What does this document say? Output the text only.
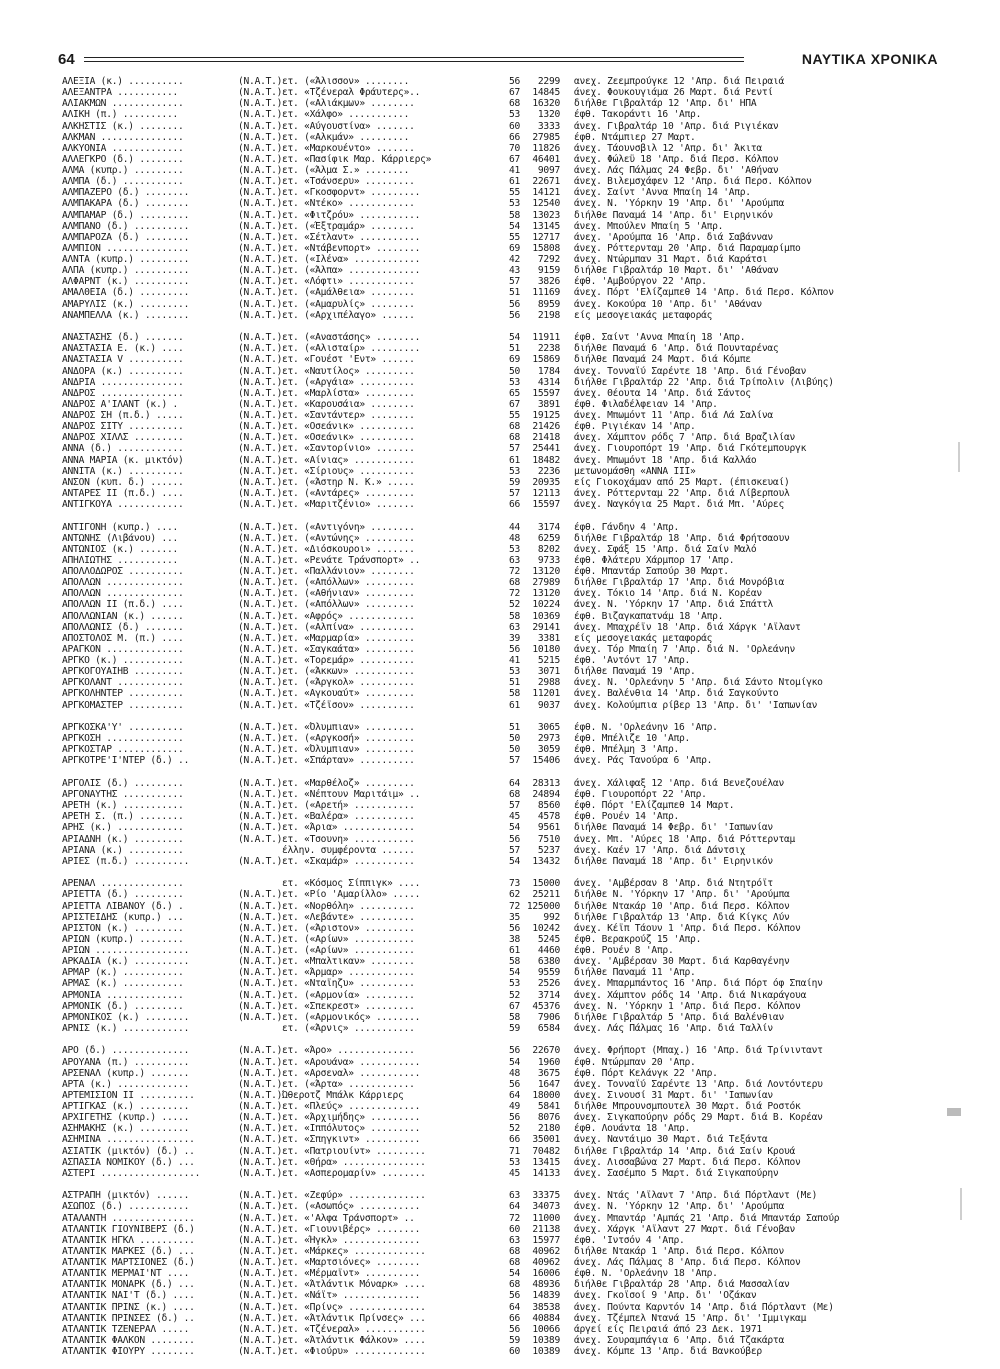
64	ΝΑΥΤΙΚΑ ΧΡΟΝΙΚΑ
ΑΛΕΞΙΑ (κ.) ..........	(N.A.T.) ετ. («Άλισσον» ........	56	2299 ανεχ. Ζεεμπρούγκε 12 'Απρ. διά Πειραιά
ΑΛΕΞΑΝΤΡΑ ...........	(N.A.T.) ετ. «Τζένεραλ Φράυτερς»..	67	14845 άνεχ. Φουκουγιάμα 26 Μαρτ. διά Ρεντί
ΑΛΙΑΚΜΩΝ .............	(N.A.T.) ετ. («Αλιάκμων» ........	68	16320 διήλθε Γιβραλτάρ 12 'Απρ. δι' ΗΠΑ
ΑΛΙΚΗ (π.) ..........	(N.A.T.) ετ. «Χάλφο» ...........	53	1320 έφθ. Τακοράντι 16 'Απρ.
ΑΛΚΗΣΤΙΣ (κ.) ........	(N.A.T.) ετ. «Αύγουστίνα» .......	60	3333 άνεχ. Γιβραλτάρ 10 'Απρ. διά Ριγιέκαν
ΑΛΚΜΑΝ ...............	(N.A.T.) ετ. («Αλκμάν» .........	66	27985 έφθ. Ντάμπιερ 27 Μαρτ.
ΑΛΚΥΟΝΙΑ .............	(N.A.T.) ετ. «Μαρκουέντο» .......	70	11826 άνεχ. Τάουνσβιλ 12 'Απρ. δι' Άκιτα
ΑΛΛΕΓΚΡΟ (δ.) ........	(N.A.T.) ετ. «Πασίφικ Μαρ. Κάρριερς»	67	46401 άνεχ. Φώλεϋ 18 'Απρ. διά Περσ. Κόλπον
ΑΛΜΑ (κυπρ.) .........	(N.A.T.) ετ. («Άλμα Σ.» ........	41	9097 άνεχ. Λάς Πάλμας 24 Φεβρ. δι' 'Αθήναν
ΑΛΜΠΑ (δ.) ...........	(N.A.T.) ετ. «Τσάνσερυ» .........	61	22671 άνεχ. Βιλεμσχάφεν 12 'Απρ. διά Περσ. Κόλπον
ΑΛΜΠΑΖΕΡΟ (δ.) ........	(N.A.T.) ετ. «Γκοσφορντ» .........	55	14121 άνεχ. Σαίντ 'Αννα Μπαίη 14 'Απρ.
ΑΛΜΠΑΚΑΡΑ (δ.) ........	(N.A.T.) ετ. «Ντέκο» ............	53	12540 άνεχ. Ν. 'Υόρκην 19 'Απρ. δι' 'Αρούμπα
ΑΛΜΠΑΜΑΡ (δ.) .........	(N.A.T.) ετ. «Φιτζρόυ» ...........	58	13023 διήλθε Παναμά 14 'Απρ. δι' Ειρηνικόν
ΑΛΜΠΑΝΟ (δ.) ..........	(N.A.T.) ετ. («Έξτραμάρ» ........	54	13145 άνεχ. Μπούλεν Μπαίη 5 'Απρ.
ΑΛΜΠΑΡΟΖΑ (δ.) ........	(N.A.T.) ετ. «Σέτλαντ» ...........	55	12717 άνεχ. 'Αρούμπα 16 'Απρ. διά Σαβάνναν
ΑΛΜΠΙΟΝ ...............	(N.A.T.) ετ. «Ντάβενπορτ» ........	69	15808 άνεχ. Ρόττερνταμ 20 'Απρ. διά Παραμαρίμπο
ΑΛΝΤΑ (κυπρ.) .........	(N.A.T.) ετ. («Ιλένα» ............	42	7292 άνεχ. Ντώρμπαν 31 Μαρτ. διά Καράτσι
ΑΛΠΑ (κυπρ.) ..........	(N.A.T.) ετ. («Άλπα» .............	43	9159 διήλθε Γιβραλτάρ 10 Μαρτ. δι' 'Αθάναν
ΑΛΦΑΡΝΤ (κ.) ..........	(N.A.T.) ετ. «Λόφτι» ............	57	3826 έφθ. 'Αμβούργον 22 'Απρ.
ΑΜΑΛΘΕΙΑ (δ.) .........	(N.A.T.) ετ. («Αμάλθεια» ........	51	11169 άνεχ. Πόρτ 'Ελίζαμπεθ 14 'Απρ. διά Περσ. Κόλπον
ΑΜΑΡΥΛΙΣ (κ.) .........	(N.A.T.) ετ. («Αμαρυλίς» ........	56	8959 άνεχ. Κοκούρα 10 'Απρ. δι' 'Αθάναν
ΑΝΑΜΠΕΛΛΑ (κ.) ........	(N.A.T.) ετ. («Αρχιπέλαγο» ......	56	2198 είς μεσογειακάς μεταφοράς
ΑΝΑΣΤΑΣΗΣ (δ.) .......	(N.A.T.) ετ. («Αναστάσης» ........	54	11911 έφθ. Σαίντ 'Αννα Μπαίη 18 'Απρ.
ΑΝΑΣΤΑΣΙΑ Ε. (κ.) ....	(N.A.T.) ετ. («Αλισταίρ» .........	51	2238 διήλθε Παναμά 6 'Απρ. διά Πουνταρένας
ΑΝΑΣΤΑΣΙΑ V ..........	(N.A.T.) ετ. «Γουέστ 'Εντ» ......	69	15869 διήλθε Παναμά 24 Μαρτ. διά Κόμπε
ΑΝΔΟΡΑ (κ.) ..........	(N.A.T.) ετ. «Ναυτίλος» .........	50	1784 άνεχ. Τονναϊύ Σαρέντε 18 'Απρ. διά Γένοβαν
ΑΝΔΡΙΑ ...............	(N.A.T.) ετ. («Αργάια» ..........	53	4314 διήλθε Γιβραλτάρ 22 'Απρ. διά Τρίπολιν (Λιβύης)
ΑΝΔΡΟΣ ...............	(N.A.T.) ετ. «Μαρλίστα» .........	65	15597 άνεχ. Θέουτα 14 'Απρ. διά Σάντος
ΑΝΔΡΟΣ Α'ΪΛΑΝΤ (κ.) .	(N.A.T.) ετ. «Καρουσάια» ........	67	3891 έφθ. Φιλαδέλφειαν 14 'Απρ.
ΑΝΔΡΟΣ ΣΗ (π.δ.) .....	(N.A.T.) ετ. «Σαντάντερ» ........	55	19125 άνεχ. Μπωμόντ 11 'Απρ. διά Λά Σαλίνα
ΑΝΔΡΟΣ ΣΙΤΥ ..........	(N.A.T.) ετ. «Οσεάνικ» ..........	68	21426 έφθ. Ριγιέκαν 14 'Απρ.
ΑΝΔΡΟΣ ΧΙΛΛΣ .........	(N.A.T.) ετ. «Οσεάνικ» ..........	68	21418 άνεχ. Χάμπτον ρόδς 7 'Απρ. διά Βραζιλίαν
ΑΝΝΑ (δ.) ............	(N.A.T.) ετ. «Σαντορίνιο» .......	57	25441 άνεχ. Γιουροπόρτ 19 'Απρ. διά Γκότεμπουργκ
ΑΝΝΑ ΜΑΡΙΑ (κ. μικτόν)	(N.A.T.) ετ. «Αίνιας» ...........	61	18482 άνεχ. Μπωμόντ 18 'Απρ. διά Καλλάο
ΑΝΝΙΤΑ (κ.) ..........	(N.A.T.) ετ. «Σίριους» ..........	53	2236 μετωνομάσθη «ΑΝΝΑ III»
ΑΝΣΟΝ (κυπ. δ.) ......	(N.A.T.) ετ. («Άστηρ Ν. Κ.» .....	59	20935 είς Γιοκοχάμαν από 25 Μαρτ. (έπισκευαί)
ΑΝΤΑΡΕΣ ΙΙ (π.δ.) ....	(N.A.T.) ετ. («Αντάρες» .........	57	12113 άνεχ. Ρόττερνταμ 22 'Απρ. διά Λίβερπουλ
ΑΝΤΙΓΚΟΥΑ ............	(N.A.T.) ετ. «Μαριτζένιο» .......	66	15597 άνεχ. Ναγκόγια 25 Μαρτ. διά Μπ. 'Αύρες
ΑΝΤΙΓΟΝΗ (κυπρ.) ....	(N.A.T.) ετ. («Αντιγόνη» ........	44	3174 έφθ. Γάνδην 4 'Απρ.
ΑΝΤΩΝΗΣ (Λιβάνου) ...	(N.A.T.) ετ. («Αντώνης» .........	48	6259 διήλθε Γιβραλτάρ 18 'Απρ. διά Φρήτσαουν
ΑΝΤΩΝΙΟΣ (κ.) .......	(N.A.T.) ετ. «Διόσκουροι» .......	53	8202 άνεχ. Σφάξ 15 'Απρ. διά Σαίν Μαλό
ΑΠΗΛΙΩΤΗΣ ...........	(N.A.T.) ετ. «Ρενάτε Τράνσπορτ» ..	63	9733 έφθ. Φλάτερυ Χάρμπορ 17 'Απρ.
ΑΠΟΛΛΟΔΩΡΟΣ ..........	(N.A.T.) ετ. «Παλλάνιον» ........	72	13120 έφθ. Μπαντάρ Σαπούρ 30 Μαρτ.
ΑΠΟΛΛΩΝ ..............	(N.A.T.) ετ. («Απόλλων» .........	68	27989 διήλθε Γιβραλτάρ 17 'Απρ. διά Μονρόβια
ΑΠΟΛΛΩΝ ..............	(N.A.T.) ετ. («Αθήνιαν» .........	72	13120 άνεχ. Τόκιο 14 'Απρ. διά Ν. Κορέαν
ΑΠΟΛΛΩΝ ΙΙ (π.δ.) ....	(N.A.T.) ετ. («Απόλλων» .........	52	10224 άνεχ. Ν. 'Υόρκην 17 'Απρ. διά Σπάττλ
ΑΠΟΛΛΩΝΙΑΝ (κ.) ......	(N.A.T.) ετ. «Αφρός» ............	58	10369 έφθ. Βιζαγκαπατνάμ 18 'Απρ.
ΑΠΟΛΛΩΝΙΣ (δ.) .......	(N.A.T.) ετ. («Αλπίνα» ..........	63	29141 άνεχ. Μπαχρέϊν 18 'Απρ. διά Χάργκ 'Αϊλαντ
ΑΠΟΣΤΟΛΟΣ Μ. (π.) ....	(N.A.T.) ετ. «Μαρμαρία» .........	39	3381 είς μεσογειακάς μεταφοράς
ΑΡΑΓΚΟΝ ..............	(N.A.T.) ετ. «Σαγκαάτα» .........	56	10180 άνεχ. Τόρ Μπαίη 7 'Απρ. διά Ν. 'Ορλεάνην
ΑΡΓΚΟ (κ.) ...........	(N.A.T.) ετ. «Τορεμάρ» ..........	41	5215 έφθ. 'Αντόντ 17 'Απρ.
ΑΡΓΚΟΓΟΥΑΪΗΒ .........	(N.A.T.) ετ. («Άκκων» ...........	53	3071 διήλθε Παναμά 19 'Απρ.
ΑΡΓΚΟΛΑΝΤ ............	(N.A.T.) ετ. («Άργκολ» ..........	51	2988 άνεχ. Ν. 'Ορλεάνην 5 'Απρ. διά Σάντο Ντομίγκο
ΑΡΓΚΟΛΗΝΤΕΡ ..........	(N.A.T.) ετ. «Αγκουαύτ» .........	58	11201 άνεχ. Βαλένθια 14 'Απρ. διά Σαγκούντο
ΑΡΓΚΟΜΑΣΤΕΡ ..........	(N.A.T.) ετ. «Τζέϊσον» ..........	61	9037 άνεχ. Κολούμπια ρίβερ 13 'Απρ. δι' 'Ιαπωνίαν
ΑΡΓΚΟΣΚΑ'Υ' ..........	(N.A.T.) ετ. «Όλυμπιαν» .........	51	3065 έφθ. Ν. 'Ορλεάνην 16 'Απρ.
ΑΡΓΚΟΣΗ ..............	(N.A.T.) ετ. («Αργκοσή» .........	50	2973 έφθ. Μπέλιζε 10 'Απρ.
ΑΡΓΚΟΣΤΑΡ ............	(N.A.T.) ετ. «Όλυμπιαν» .........	50	3059 έφθ. Μπέλμη 3 'Απρ.
ΑΡΓΚΟΤΡΕ'Ι'ΝΤΕΡ (δ.) ..	(N.A.T.) ετ. «Σπάρταν» ..........	57	15406 άνεχ. Ράς Τανούρα 6 'Απρ.
ΑΡΓΟΛΙΣ (δ.) .........	(N.A.T.) ετ. «Μαρθέλοζ» .........	64	28313 άνεχ. Χάλιφαξ 12 'Απρ. διά Βενεζουέλαν
ΑΡΓΟΝΑΥΤΗΣ ...........	(N.A.T.) ετ. «Νέπτουν Μαριτάιμ» ..	68	24894 έφθ. Γιουροπόρτ 22 'Απρ.
ΑΡΕΤΗ (κ.) ...........	(N.A.T.) ετ. («Αρετή» ...........	57	8560 έφθ. Πόρτ 'Ελίζαμπεθ 14 Μαρτ.
ΑΡΕΤΗ Σ. (π.) ........	(N.A.T.) ετ. «Βαλέρα» ...........	45	4578 έφθ. Ρουέν 14 'Απρ.
ΑΡΗΣ (κ.) ............	(N.A.T.) ετ. «Άρια» .............	54	9561 διήλθε Παναμά 14 Φεβρ. δι' 'Ιαπωνίαν
ΑΡΙΑΔΝΗ (κ.) .........	(N.A.T.) ετ. «Τσουνη» ...........	56	7510 άνεχ. Μπ. 'Αύρες 18 'Απρ. διά Ρόττερνταμ
ΑΡΙΑΝΑ (κ.) ..........	έλλην. συμφέροντα ......	57	5237 άνεχ. Καέν 17 'Απρ. διά Δάντσιχ
ΑΡΙΕΣ (π.δ.) ..........	(N.A.T.) ετ. «Σκαμάρ» ...........	54	13432 διήλθε Παναμά 18 'Απρ. δι' Ειρηνικόν
ΑΡΕΝΑΛ ...............	ετ. «Κόσμος Σίππιγκ» ....	73	15000 άνεχ. 'Αμβέρσαν 8 'Απρ. διά Ντητρόϊτ
ΑΡΙΕΤΤΑ (δ.) .........	(N.A.T.) ετ. «Ρίο 'Αμαρίλλο» .....	62	25211 διήλθε Ν. 'Υόρκην 17 'Απρ. δι' 'Αρούμπα
ΑΡΙΕΤΤΑ ΛΙΒΑΝΟΥ (δ.) .	(N.A.T.) ετ. «Νορθόλη» ..........	72 125000 διήλθε Ντακάρ 10 'Απρ. διά Περσ. Κόλπον
ΑΡΙΣΤΕΙΔΗΣ (κυπρ.) ...	(N.A.T.) ετ. «Λεβάντε» ..........	35	992 διήλθε Γιβραλτάρ 13 'Απρ. διά Κίγκς Λύν
ΑΡΙΣΤΟΝ (κ.) .........	(N.A.T.) ετ. («Άριστον» .........	56	10242 άνεχ. Κέϊπ Τάουν 1 'Απρ. διά Περσ. Κόλπον
ΑΡΙΩΝ (κυπρ.) ........	(N.A.T.) ετ. («Αρίων» ...........	38	5245 έφθ. Βερακρούζ 15 'Απρ.
ΑΡΙΩΝ .................	(N.A.T.) ετ. («Αρίων» ...........	61	4460 έφθ. Ρουέν 8 'Απρ.
ΑΡΚΑΔΙΑ (κ.) ..........	(N.A.T.) ετ. «Μπαλτικαν» ........	58	6380 άνεχ. 'Αμβέρσαν 30 Μαρτ. διά Καρθαγένην
ΑΡΜΑΡ (κ.) ...........	(N.A.T.) ετ. «Άρμαρ» ............	54	9559 διήλθε Παναμά 11 'Απρ.
ΑΡΜΑΣ (κ.) ...........	(N.A.T.) ετ. «Νταϊηζυ» ..........	53	2526 άνεχ. Μπαρμπάντος 16 'Απρ. διά Πόρτ όφ Σπαίην
ΑΡΜΟΝΙΑ ..............	(N.A.T.) ετ. («Αρμονία» .........	52	3714 άνεχ. Χάμπτον ρόδς 14 'Απρ. διά Νικαράγουα
ΑΡΜΟΝΙΚ (δ.) .........	(N.A.T.) ετ. «Σπεκρεστ» .........	67	45376 άνεχ. Ν. 'Υόρκην 1 'Απρ. διά Περσ. Κόλπον
ΑΡΜΟΝΙΚΟΣ (κ.) ........	(N.A.T.) ετ. («Αρμονικός» ........	58	7906 διήλθε Γιβραλτάρ 5 'Απρ. διά Βαλένθιαν
ΑΡΝΙΣ (κ.) ............	ετ. («Άρνις» ...........	59	6584 άνεχ. Λάς Πάλμας 16 'Απρ. διά Ταλλίν
ΑΡΟ (δ.) ..............	(N.A.T.) ετ. «Άρο» ..............	56	22670 άνεχ. Φρήπορτ (Μπαχ.) 16 'Απρ. διά Τρίνινταντ
ΑΡΟΥΑΝΑ (π.) ..........	(N.A.T.) ετ. «Αρουάνα» ...........	54	1960 έφθ. Ντώρμπαν 20 'Απρ.
ΑΡΣΕΝΑΛ (κυπρ.) .......	(N.A.T.) ετ. «Αρσεναλ» ...........	48	3675 έφθ. Πόρτ Κελάνγκ 22 'Απρ.
ΑΡΤΑ (κ.) .............	(N.A.T.) ετ. («Άρτα» ............	56	1647 άνεχ. Τονναϊύ Σαρέντε 13 'Απρ. διά Λοντόντερυ
ΑΡΤΕΜΙΣΙΟΝ ΙΙ ..........	(N.A.T.) Ώθεροτζ Μπάλκ Κάρριερς	64	18000 άνεχ. Σινουσί 31 Μαρτ. δι' 'Ιαπωνίαν
ΑΡΤΙΓΚΑΣ (κ.) .........	(N.A.T.) ετ. «Πλεύς» .............	49	5841 διήλθε Μπρουνσμπουτελ 30 Μαρτ. διά Ροστόκ
ΑΡΧΙΓΕΤΗΣ (κυπρ.) .....	(N.A.T.) ετ. «Άρχιμήδης» .........	56	8076 άνεχ. Σιγκαπούρην ρόδς 29 Μαρτ. διά Β. Κορέαν
ΑΣΗΜΑΚΗΣ (κ.) .........	(N.A.T.) ετ. «Ιππόλυτος» .........	52	2180 έφθ. Λουάντα 18 'Απρ.
ΑΣΗΜΙΝΑ ................	(N.A.T.) ετ. «Σπηγκιντ» ..........	66	35001 άνεχ. Ναντάιμο 30 Μαρτ. διά Τεξάντα
ΑΣΙΑΤΙΚ (μικτόν) (δ.) ..	(N.A.T.) ετ. «Πατριουίντ» .........	71	70482 διήλθε Γιβραλτάρ 14 'Απρ. διά Σαίν Κρουά
ΑΣΠΑΣΙΑ ΝΟΜΙΚΟΥ (δ.) ...	(N.A.T.) ετ. «Θήρα» ...............	53	13415 άνεχ. Λισσαβώνα 27 Μαρτ. διά Περσ. Κόλπον
ΑΣΤΕΡΙ ..................	(N.A.T.) ετ. «Ασπερομαρίν» ........	45	14133 άνεχ. Σασέμπο 5 Μαρτ. διά Σιγκαπούρην
ΑΣΤΡΑΠΗ (μικτόν) ......	(N.A.T.) ετ. «Ζεφύρ» ..............	63	33375 άνεχ. Ντάς 'Αϊλαντ 7 'Απρ. διά Πόρτλαντ (Με)
ΑΣΩΠΟΣ (δ.) ...........	(N.A.T.) ετ. («Ασωπός» ...........	64	34073 άνεχ. Ν. 'Υόρκην 12 'Απρ. δι' 'Αρούμπα
ΑΤΑΛΑΝΤΗ ...............	(N.A.T.) ετ. «'Αλφα Τράνσπορτ» ..	72	11000 άνεχ. Μπαντάρ 'Αμπάς 21 'Απρ. διά Μπαντάρ Σαπούρ
ΑΤΛΑΝΤΙΚ ΓΙΟΥΝΙΒΕΡΣ (δ.)	(N.A.T.) ετ. «Γιουνιβέρς» ........	60	21138 άνεχ. Χάργκ 'Αϊλαντ 27 Μαρτ. διά Γένοβαν
ΑΤΛΑΝΤΙΚ ΗΓΚΛ ..........	(N.A.T.) ετ. «Ήγκλ» ..............	63	15977 έφθ. 'Ιντσόν 4 'Απρ.
ΑΤΛΑΝΤΙΚ ΜΑΡΚΕΣ (δ.) ...	(N.A.T.) ετ. «Μάρκες» .............	68	40962 διήλθε Ντακάρ 1 'Απρ. διά Περσ. Κόλπον
ΑΤΛΑΝΤΙΚ ΜΑΡΤΣΙΟΝΕΣ (δ.)	(N.A.T.) ετ. «Μαρτσιόνες» ........	68	40962 άνεχ. Λάς Πάλμας 8 'Απρ. διά Περσ. Κόλπον
ΑΤΛΑΝΤΙΚ ΜΕΡΜΑΪ'ΝΤ ....	(N.A.T.) ετ. «Μέρμαϊντ» ..........	54	16006 έφθ. Ν. 'Ορλεάνην 18 'Απρ.
ΑΤΛΑΝΤΙΚ ΜΟΝΑΡΚ (δ.) ...	(N.A.T.) ετ. «Άτλάντικ Μόναρκ» ....	68	48936 διήλθε Γιβραλτάρ 28 'Απρ. διά Μασσαλίαν
ΑΤΛΑΝΤΙΚ ΝΑΪ'Τ (δ.) ....	(N.A.T.) ετ. «Νάϊτ» ..............	56	14839 άνεχ. Γκοϊσοί 9 'Απρ. δι' 'Οζάκαν
ΑΤΛΑΝΤΙΚ ΠΡΙΝΣ (κ.) ....	(N.A.T.) ετ. «Πρίνς» ..............	64	38538 άνεχ. Πούντα Καρντόν 14 'Απρ. διά Πόρτλαντ (Με)
ΑΤΛΑΝΤΙΚ ΠΡΙΝΣΕΣ (δ.) ..	(N.A.T.) ετ. «Άτλάντικ Πρίνσες» ...	66	40884 άνεχ. Τζέμπελ Ντανά 15 'Απρ. δι' 'Ιμμιγκαμ
ΑΤΛΑΝΤΙΚ ΤΖΕΝΕΡΑΛ .....	(N.A.T.) ετ. «Τζένεραλ» ...........	56	10066 άργεί είς Πειραιά άπό 23 Δεκ. 1971
ΑΤΛΑΝΤΙΚ ΦΑΛΚΟΝ ........	(N.A.T.) ετ. «Άτλάντικ Φάλκον» ....	59	10389 άνεχ. Σουραμπάγια 6 'Απρ. διά Τζακάρτα
ΑΤΛΑΝΤΙΚ ΦΙΟΥΡΥ ........	(N.A.T.) ετ. «Φιούρυ» .............	60	10389 άνεχ. Κόμπε 13 'Απρ. διά Βανκούβερ
